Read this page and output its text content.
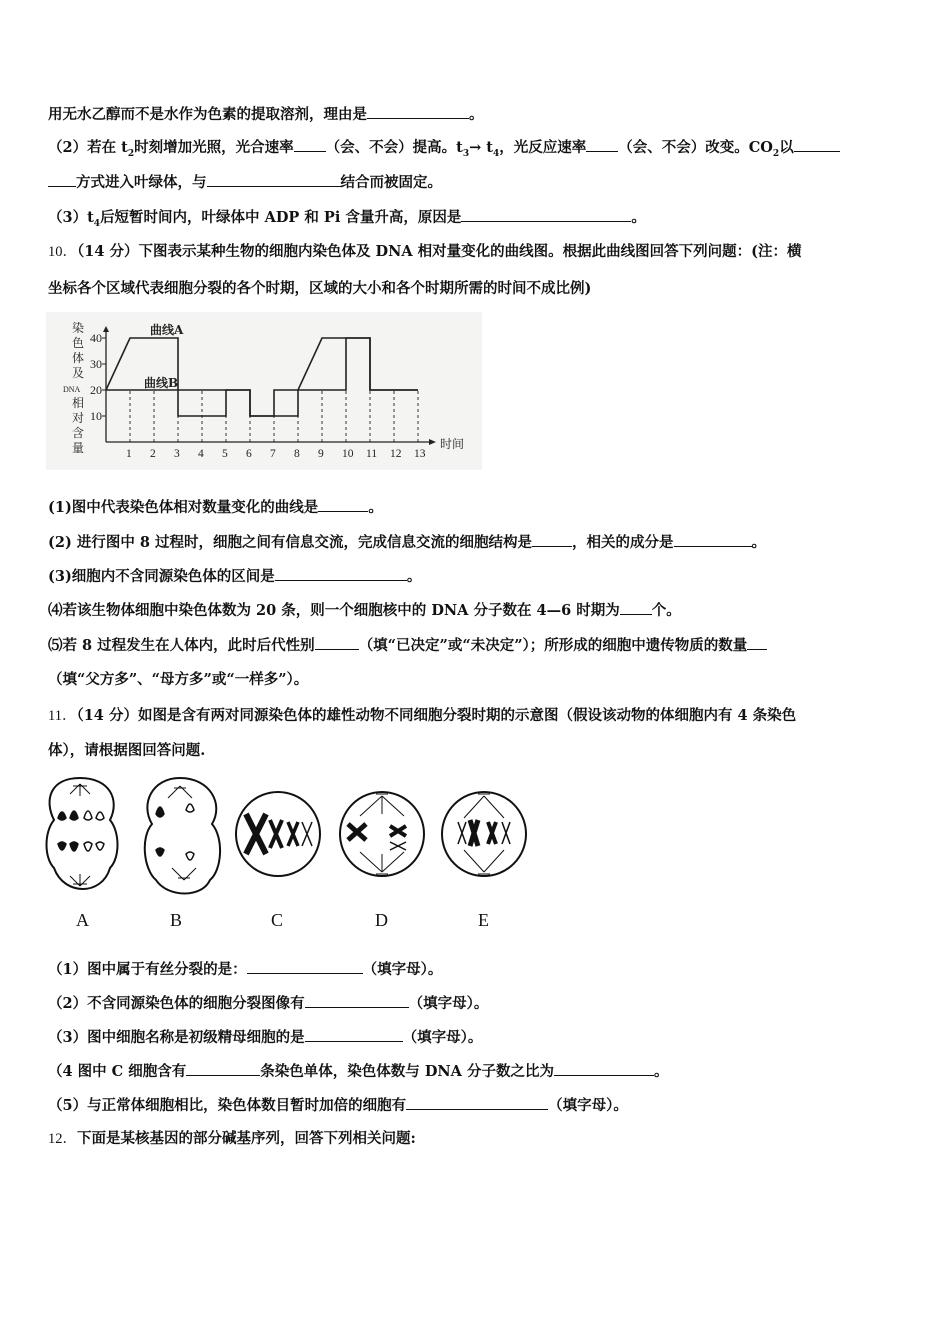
用无水乙醇而不是水作为色素的提取溶剂，理由是	。
（2）若在 $t_2$时刻增加光照，光合速率 （会、不会）提高。$t_3\to t_4$，光反应速率 （会、不会）改变。$CO_2$以
方式进入叶绿体，与	结合而被固定。
$(3)t_4$后短暂时间内，叶绿体中 ADP 和 Pi 含量升高，原因是	。
10．（14 分）下图表示某种生物的细胞内染色体及 DNA 相对量变化的曲线图。根据此曲线图回答下列问题：(注：横
坐标各个区域代表细胞分裂的各个时期，区域的大小和各个时期所需的时间不成比例)
染
色
体
及
DNA
相
对
含
量
40
30
20
10
1 2 3 4 5 6 7 8 9 10 11 12 13
曲线A
曲线B
时间
(1)图中代表染色体相对数量变化的曲线是	。
(2) 进行图中 8 过程时，细胞之间有信息交流，完成信息交流的细胞结构是	，相关的成分是	。
(3)细胞内不含同源染色体的区间是	。
⑷若该生物体细胞中染色体数为 20 条，则一个细胞核中的 DNA 分子数在 4—6 时期为 个。
⑸若 8 过程发生在人体内，此时后代性别	（填“已决定”或“未决定”）；所形成的细胞中遗传物质的数量
（填“父方多”、“母方多”或“一样多”）。
11．（14 分）如图是含有两对同源染色体的雄性动物不同细胞分裂时期的示意图（假设该动物的体细胞内有 4 条染色
体），请根据图回答问题.
A	B	C	D	E
（1）图中属于有丝分裂的是：	（填字母）。
（2）不含同源染色体的细胞分裂图像有	（填字母）。
（3）图中细胞名称是初级精母细胞的是	（填字母）。
（4 图中 C 细胞含有	条染色单体，染色体数与 DNA 分子数之比为	。
（5）与正常体细胞相比，染色体数目暂时加倍的细胞有	（填字母）。
12．下面是某核基因的部分碱基序列，回答下列相关问题:
